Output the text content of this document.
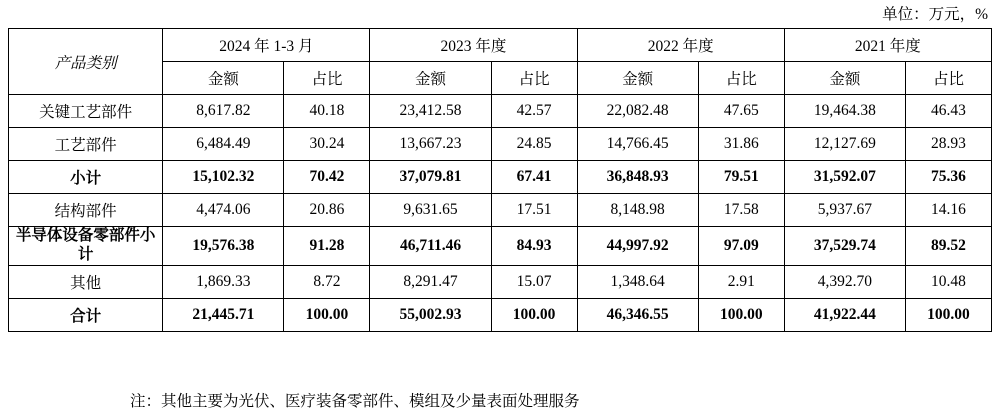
单位：万元，%
产品类别	2024 年 1-3 月		2023 年度		2022 年度		2021 年度	
	金额	占比	金额	占比	金额	占比	金额	占比
关键工艺部件	8,617.82	40.18	23,412.58	42.57	22,082.48	47.65	19,464.38	46.43
工艺部件	6,484.49	30.24	13,667.23	24.85	14,766.45	31.86	12,127.69	28.93
小计	15,102.32	70.42	37,079.81	67.41	36,848.93	79.51	31,592.07	75.36
结构部件	4,474.06	20.86	9,631.65	17.51	8,148.98	17.58	5,937.67	14.16
半导体设备零部件小计	19,576.38	91.28	46,711.46	84.93	44,997.92	97.09	37,529.74	89.52
其他	1,869.33	8.72	8,291.47	15.07	1,348.64	2.91	4,392.70	10.48
合计	21,445.71	100.00	55,002.93	100.00	46,346.55	100.00	41,922.44	100.00
注：其他主要为光伏、医疗装备零部件、模组及少量表面处理服务
